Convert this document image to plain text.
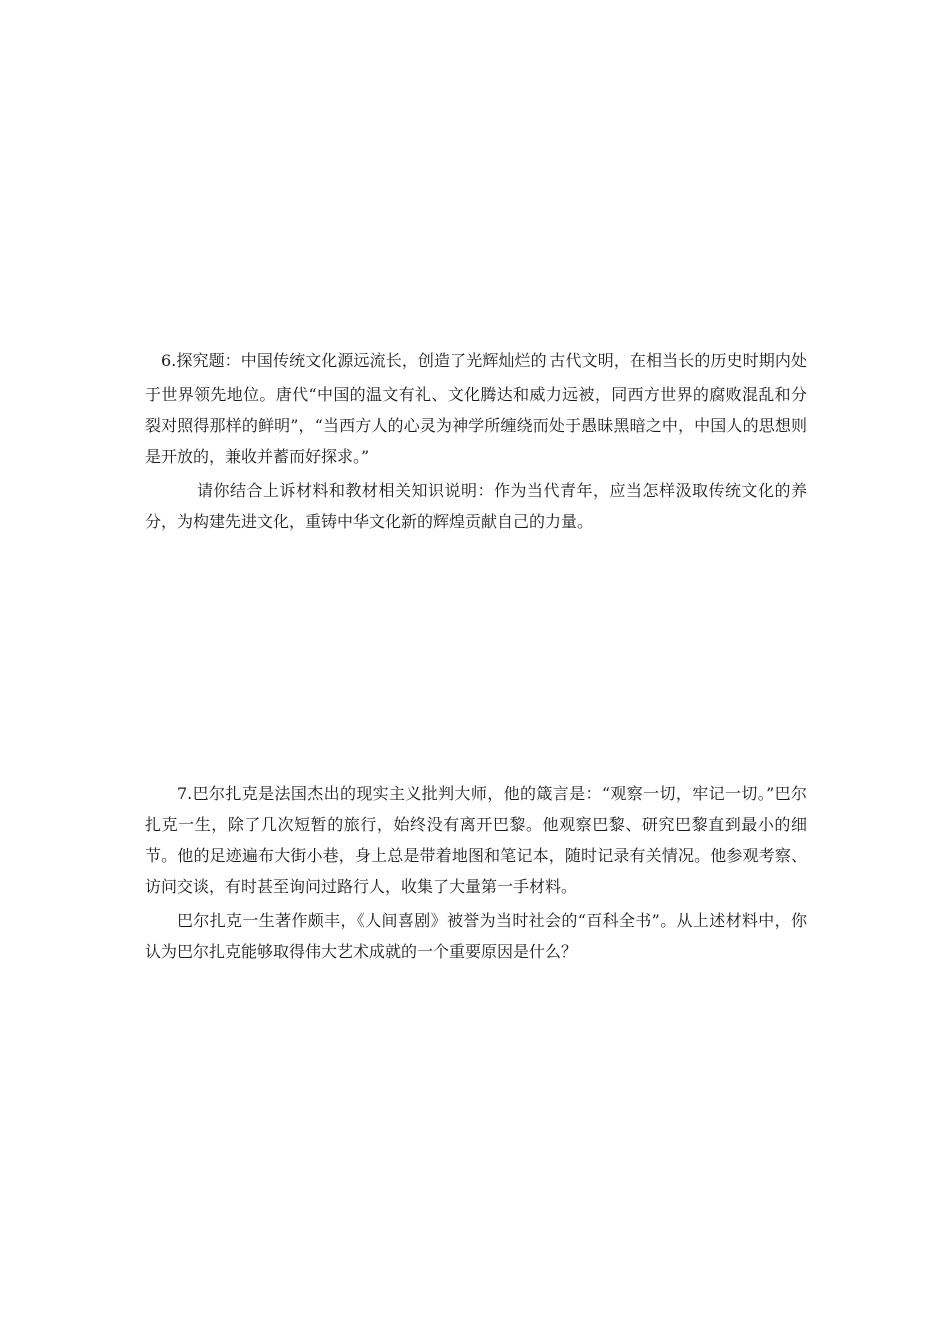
6.探究题：中国传统文化源远流长，创造了光辉灿烂的.古代文明，在相当长的历史时期内处于世界领先地位。唐代“中国的温文有礼、文化腾达和威力远被，同西方世界的腐败混乱和分裂对照得那样的鲜明”，“当西方人的心灵为神学所缠绕而处于愚昧黑暗之中，中国人的思想则是开放的，兼收并蓄而好探求。”

请你结合上诉材料和教材相关知识说明：作为当代青年，应当怎样汲取传统文化的养分，为构建先进文化，重铸中华文化新的辉煌贡献自己的力量。

7.巴尔扎克是法国杰出的现实主义批判大师，他的箴言是：“观察一切，牢记一切。”巴尔扎克一生，除了几次短暂的旅行，始终没有离开巴黎。他观察巴黎、研究巴黎直到最小的细节。他的足迹遍布大街小巷，身上总是带着地图和笔记本，随时记录有关情况。他参观考察、访问交谈，有时甚至询问过路行人，收集了大量第一手材料。

巴尔扎克一生著作颇丰，《人间喜剧》被誉为当时社会的“百科全书”。从上述材料中，你认为巴尔扎克能够取得伟大艺术成就的一个重要原因是什么？
